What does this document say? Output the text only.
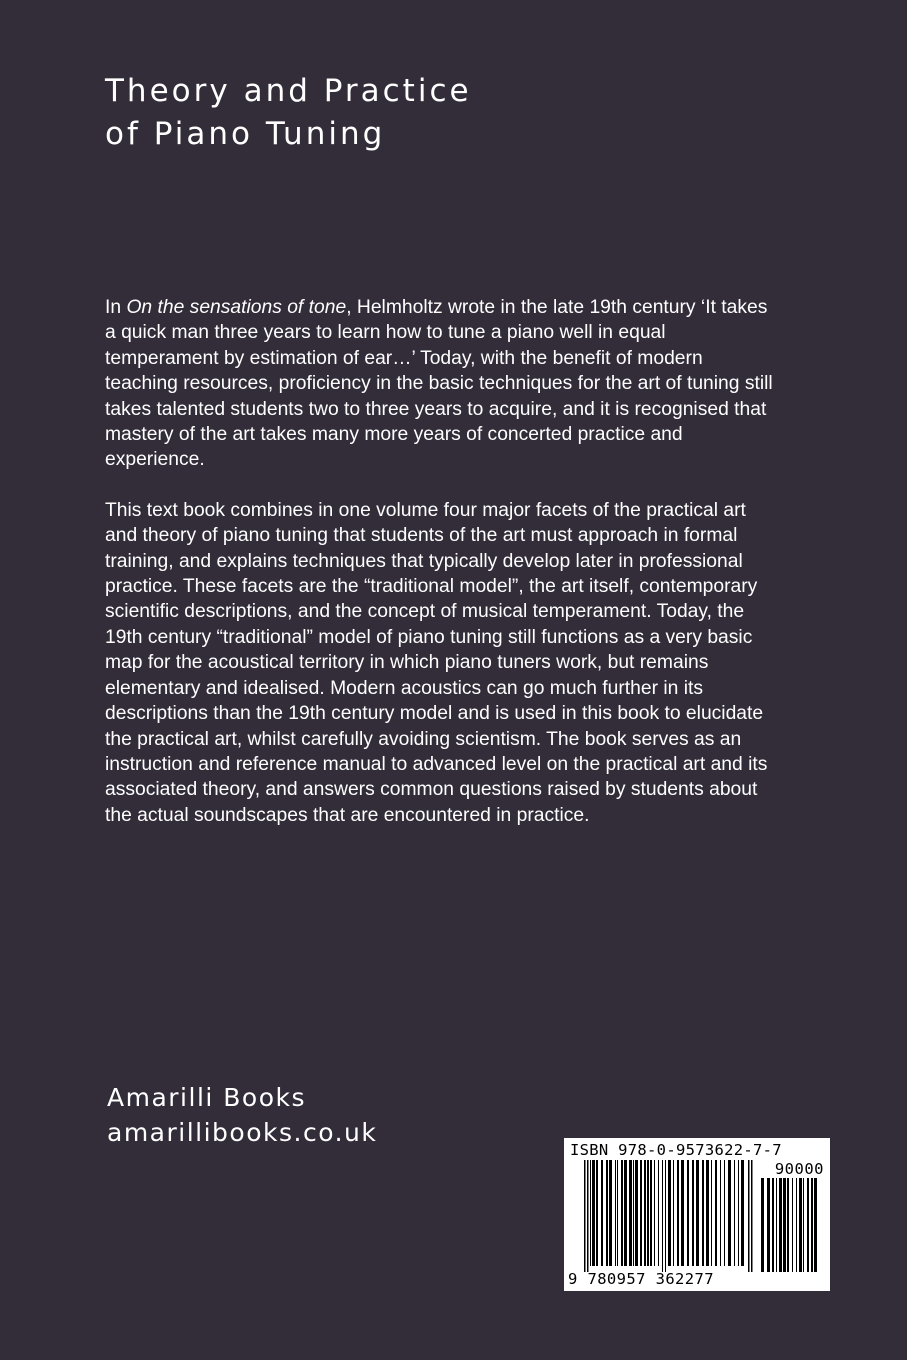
Theory and Practice
of Piano Tuning

In On the sensations of tone, Helmholtz wrote in the late 19th century ‘It takes a quick man three years to learn how to tune a piano well in equal temperament by estimation of ear…’ Today, with the benefit of modern teaching resources, proficiency in the basic techniques for the art of tuning still takes talented students two to three years to acquire, and it is recognised that mastery of the art takes many more years of concerted practice and experience.

This text book combines in one volume four major facets of the practical art and theory of piano tuning that students of the art must approach in formal training, and explains techniques that typically develop later in professional practice. These facets are the “traditional model”, the art itself, contemporary scientific descriptions, and the concept of musical temperament. Today, the 19th century “traditional” model of piano tuning still functions as a very basic map for the acoustical territory in which piano tuners work, but remains elementary and idealised. Modern acoustics can go much further in its descriptions than the 19th century model and is used in this book to elucidate the practical art, whilst carefully avoiding scientism. The book serves as an instruction and reference manual to advanced level on the practical art and its associated theory, and answers common questions raised by students about the actual soundscapes that are encountered in practice.

Amarilli Books
amarillibooks.co.uk
ISBN 978-0-9573622-7-7
90000
9 780957 362277
